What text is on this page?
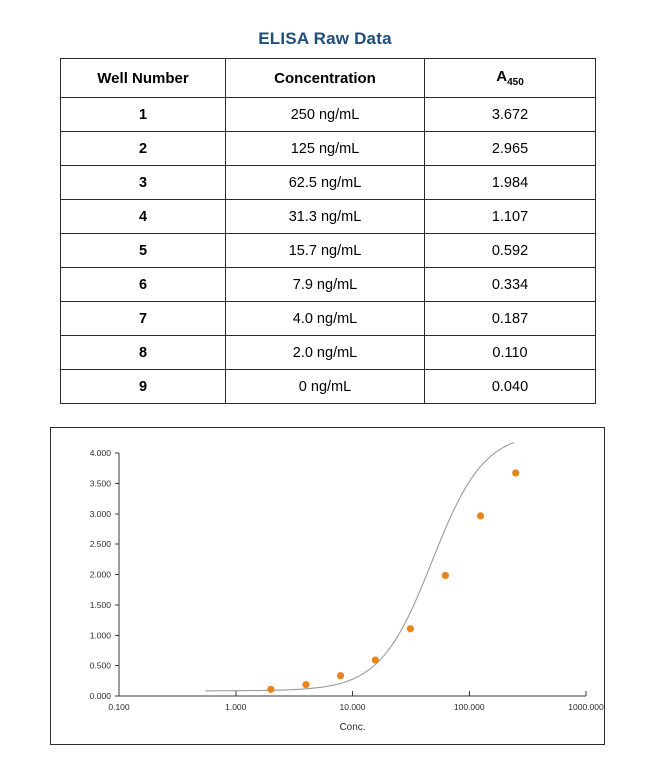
ELISA Raw Data
Well Number	Concentration	$A_{450}$
1	250 ng/mL	3.672
2	125 ng/mL	2.965
3	62.5 ng/mL	1.984
4	31.3 ng/mL	1.107
5	15.7 ng/mL	0.592
6	7.9 ng/mL	0.334
7	4.0 ng/mL	0.187
8	2.0 ng/mL	0.110
9	0 ng/mL	0.040
0.000
0.500
1.000
1.500
2.000
2.500
3.000
3.500
4.000
0.100	1.000	10.000	100.000	1000.000
Conc.
